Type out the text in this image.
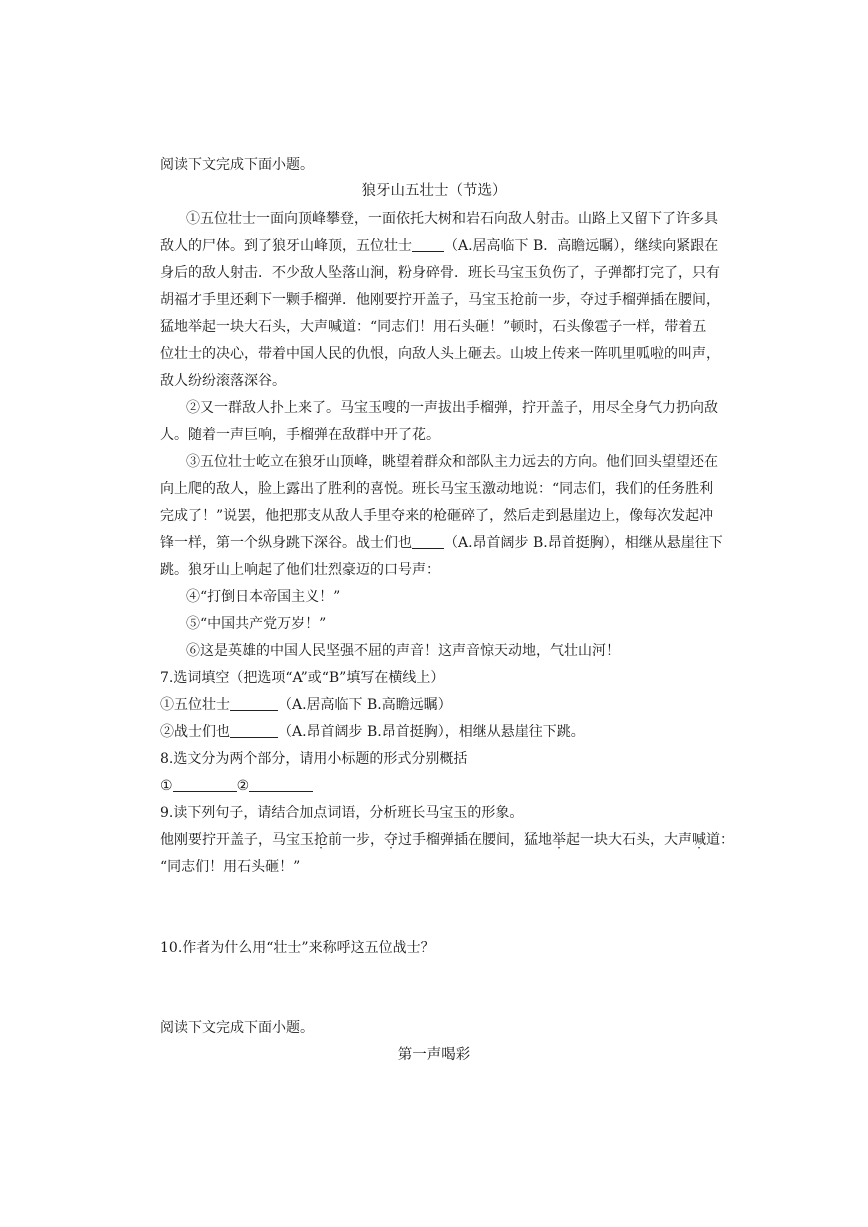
阅读下文完成下面小题。
狼牙山五壮士（节选）
①五位壮士一面向顶峰攀登，一面依托大树和岩石向敌人射击。山路上又留下了许多具
敌人的尸体。到了狼牙山峰顶，五位壮士 （A.居高临下 B．高瞻远瞩），继续向紧跟在
身后的敌人射击．不少敌人坠落山涧，粉身碎骨．班长马宝玉负伤了，子弹都打完了，只有
胡福才手里还剩下一颗手榴弹．他刚要拧开盖子，马宝玉抢前一步，夺过手榴弹插在腰间，
猛地举起一块大石头，大声喊道：“同志们！用石头砸！”顿时，石头像雹子一样，带着五
位壮士的决心，带着中国人民的仇恨，向敌人头上砸去。山坡上传来一阵叽里呱啦的叫声，
敌人纷纷滚落深谷。
②又一群敌人扑上来了。马宝玉嗖的一声拔出手榴弹，拧开盖子，用尽全身气力扔向敌
人。随着一声巨响，手榴弹在敌群中开了花。
③五位壮士屹立在狼牙山顶峰，眺望着群众和部队主力远去的方向。他们回头望望还在
向上爬的敌人，脸上露出了胜利的喜悦。班长马宝玉激动地说：“同志们，我们的任务胜利
完成了！”说罢，他把那支从敌人手里夺来的枪砸碎了，然后走到悬崖边上，像每次发起冲
锋一样，第一个纵身跳下深谷。战士们也 （A.昂首阔步 B.昂首挺胸），相继从悬崖往下
跳。狼牙山上响起了他们壮烈豪迈的口号声：
④“打倒日本帝国主义！”
⑤“中国共产党万岁！”
⑥这是英雄的中国人民坚强不屈的声音！这声音惊天动地，气壮山河！
7.选词填空（把选项“A”或“B”填写在横线上）
①五位壮士	（A.居高临下 B.高瞻远瞩）
②战士们也	（A.昂首阔步 B.昂首挺胸），相继从悬崖往下跳。
8.选文分为两个部分，请用小标题的形式分别概括
①	②
9.读下列句子，请结合加点词语，分析班长马宝玉的形象。
他刚要拧开盖子，马宝玉抢前一步，夺过手榴弹插在腰间，猛地举起一块大石头，大声喊道：
“同志们！用石头砸！”
10.作者为什么用“壮士”来称呼这五位战士？
阅读下文完成下面小题。
第一声喝彩
